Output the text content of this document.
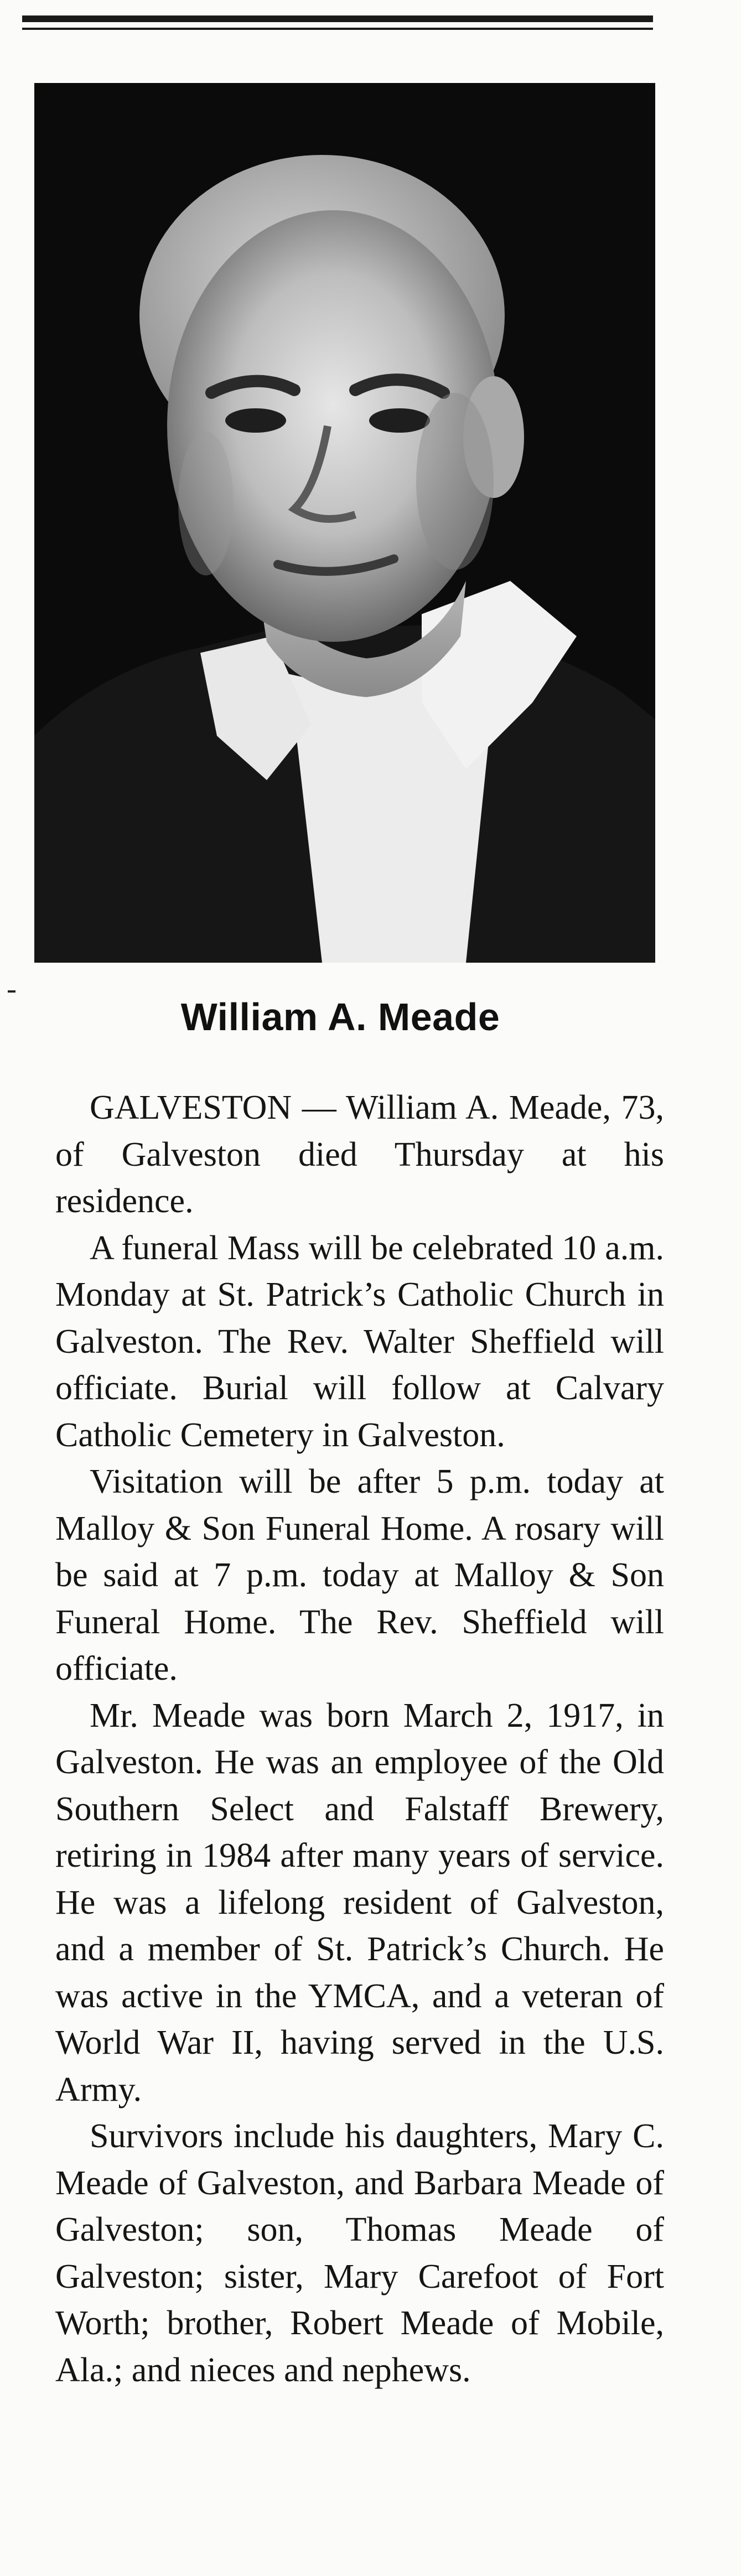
William A. Meade

GALVESTON — William A. Meade, 73, of Galveston died Thursday at his residence.

A funeral Mass will be celebrated 10 a.m. Monday at St. Patrick’s Catholic Church in Galveston. The Rev. Walter Sheffield will officiate. Burial will follow at Calvary Catholic Cemetery in Galveston.

Visitation will be after 5 p.m. today at Malloy & Son Funeral Home. A rosary will be said at 7 p.m. today at Malloy & Son Funeral Home. The Rev. Sheffield will officiate.

Mr. Meade was born March 2, 1917, in Galveston. He was an employee of the Old Southern Select and Falstaff Brewery, retiring in 1984 after many years of service. He was a lifelong resident of Galveston, and a member of St. Patrick’s Church. He was active in the YMCA, and a veteran of World War II, having served in the U.S. Army.

Survivors include his daughters, Mary C. Meade of Galveston, and Barbara Meade of Galveston; son, Thomas Meade of Galveston; sister, Mary Carefoot of Fort Worth; brother, Robert Meade of Mobile, Ala.; and nieces and nephews.
